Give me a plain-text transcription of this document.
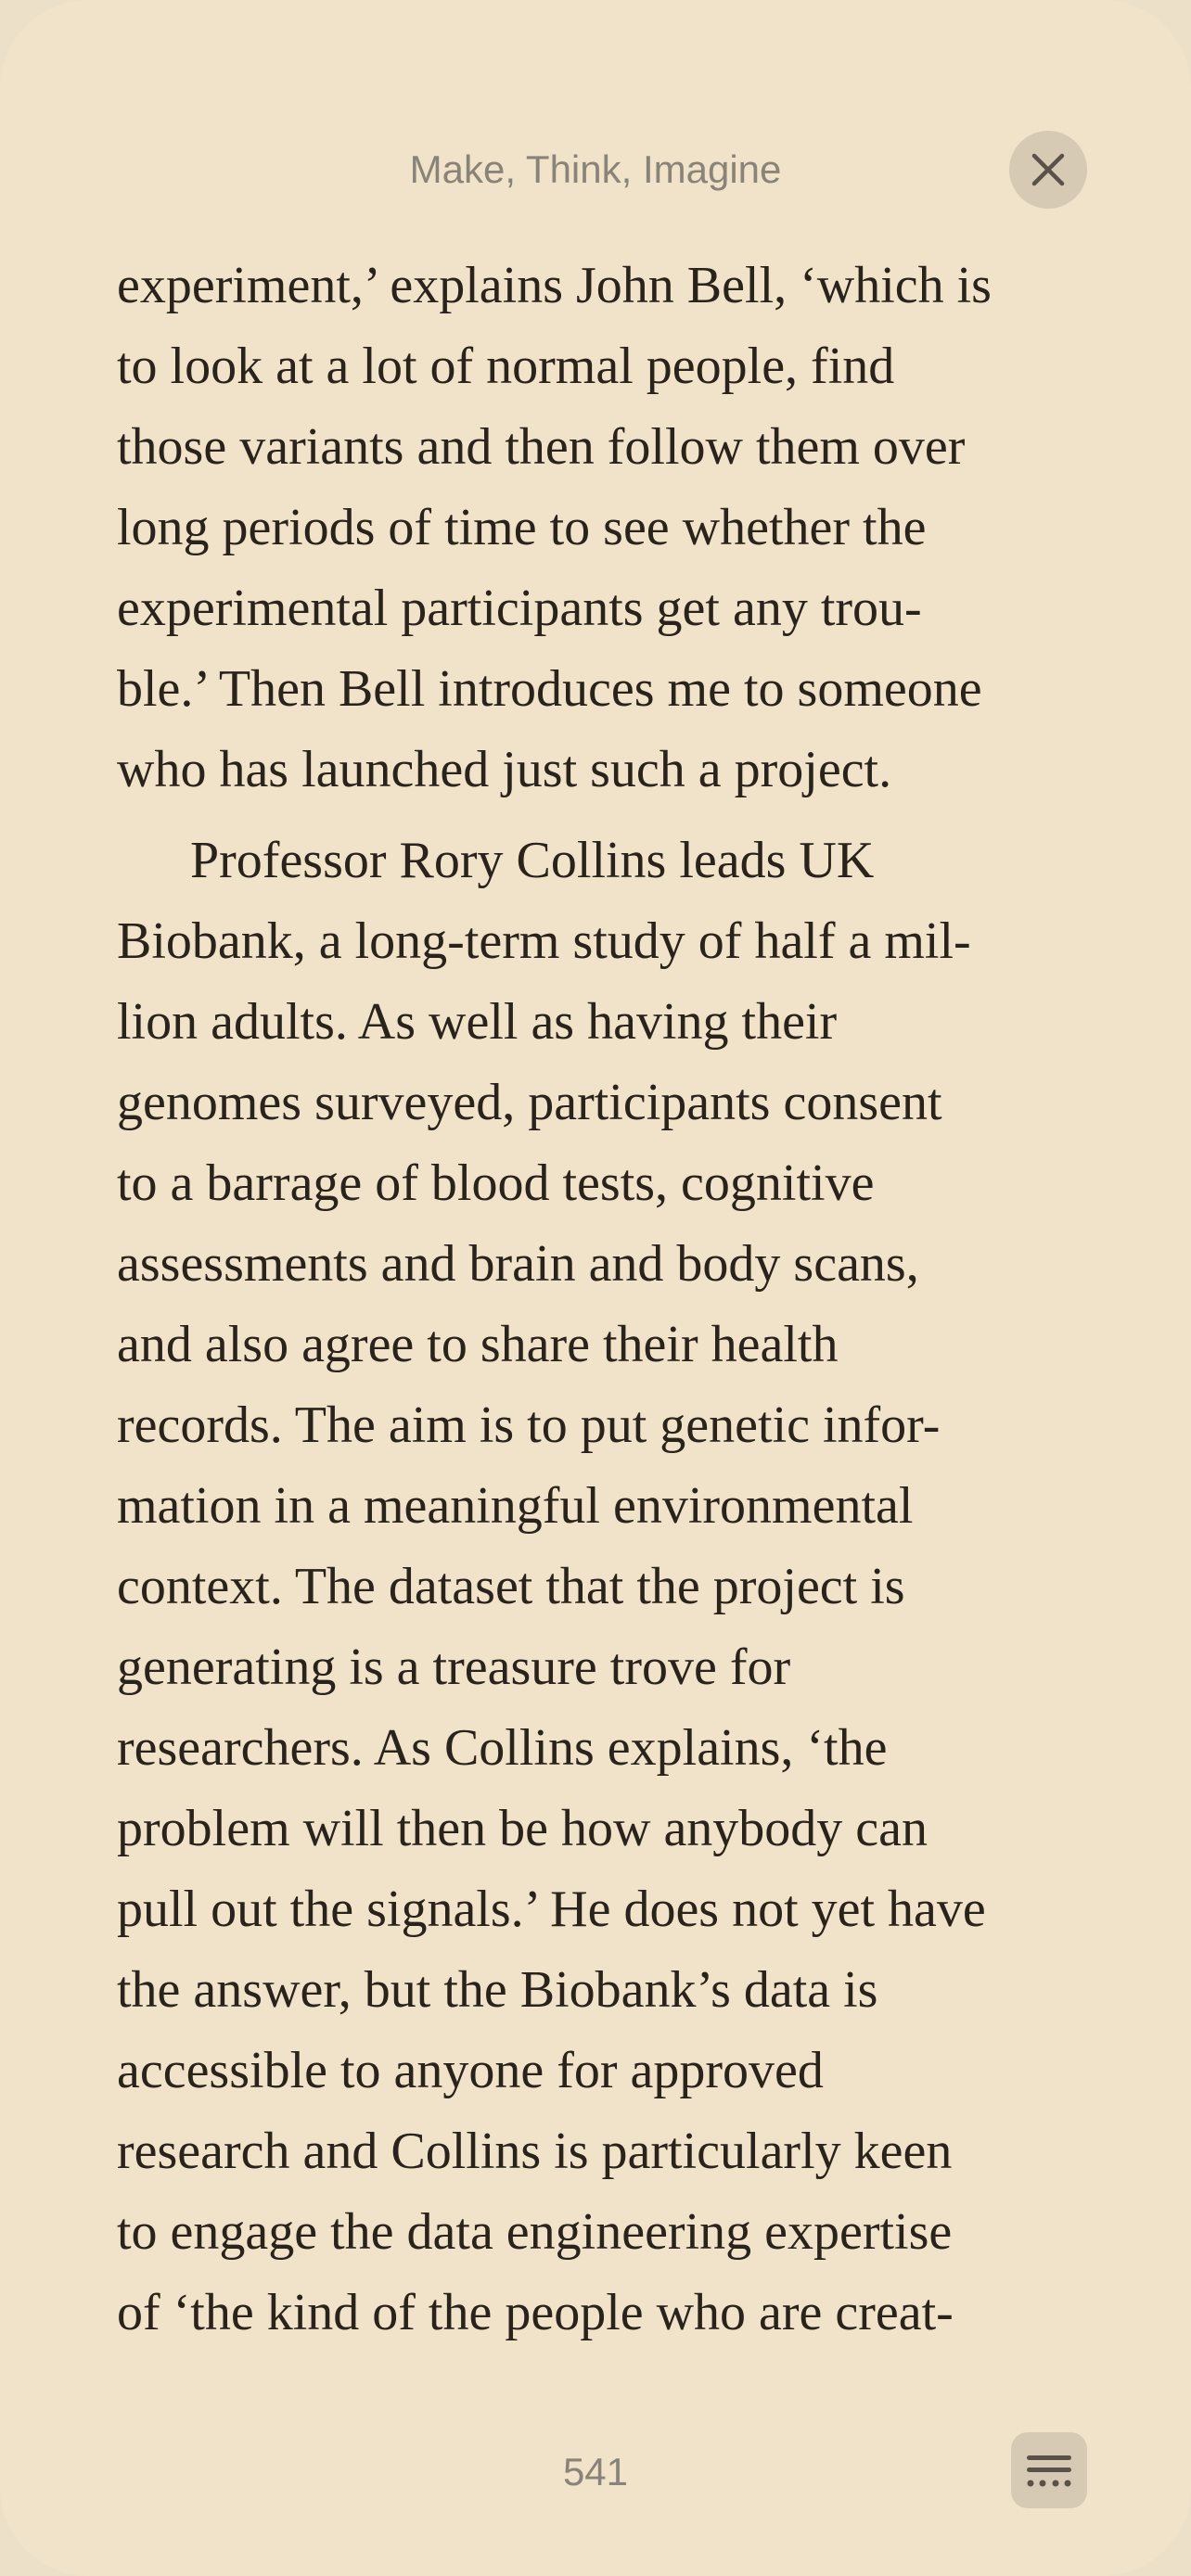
Make, Think, Imagine
experiment,’ explains John Bell, ‘which is
to look at a lot of normal people, find
those variants and then follow them over
long periods of time to see whether the
experimental participants get any trou-
ble.’ Then Bell introduces me to someone
who has launched just such a project.
Professor Rory Collins leads UK
Biobank, a long-term study of half a mil-
lion adults. As well as having their
genomes surveyed, participants consent
to a barrage of blood tests, cognitive
assessments and brain and body scans,
and also agree to share their health
records. The aim is to put genetic infor-
mation in a meaningful environmental
context. The dataset that the project is
generating is a treasure trove for
researchers. As Collins explains, ‘the
problem will then be how anybody can
pull out the signals.’ He does not yet have
the answer, but the Biobank’s data is
accessible to anyone for approved
research and Collins is particularly keen
to engage the data engineering expertise
of ‘the kind of the people who are creat-
541
